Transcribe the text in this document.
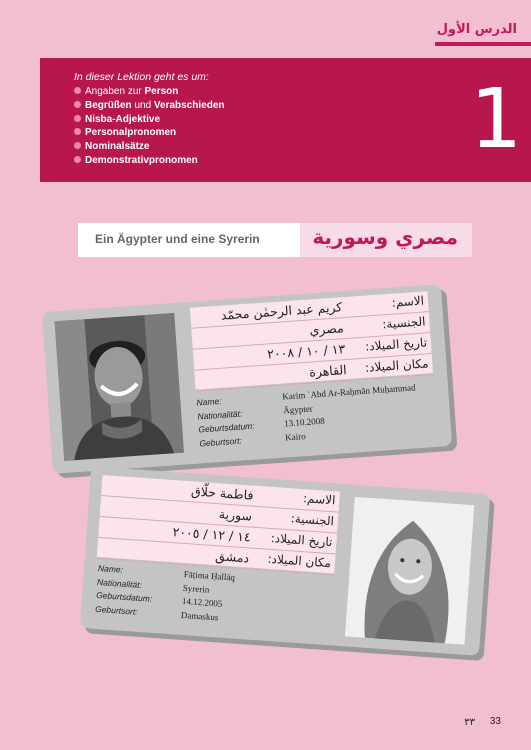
الدرس الأول
In dieser Lektion geht es um:
Angaben zur Person
Begrüßen und Verabschieden
Nisba-Adjektive
Personalpronomen
Nominalsätze
Demonstrativpronomen	1
Ein Ägypter und eine Syrerin	مصري وسورية
الاسم:
كريم عبد الرحمٰن محمّد
الجنسية:
مصري
تاريخ الميلاد:
١٣ / ١٠ / ٢٠٠٨
مكان الميلاد:
القاهرة
Name:
Karim ʿAbd Ar-Raḥmān Muḥammad
Nationalität:	Ägypter
Geburtsdatum:	13.10.2008
Geburtsort:	Kairo
الاسم:
فاطمة حلّاق
الجنسية:
سورية
تاريخ الميلاد:
١٤ / ١٢ / ٢٠٠٥
مكان الميلاد:
دمشق
Name:
Fāṭima Ḥallāq
Nationalität:	Syrerin
Geburtsdatum:	14.12.2005
Geburtsort:	Damaskus
٣٣ 33
